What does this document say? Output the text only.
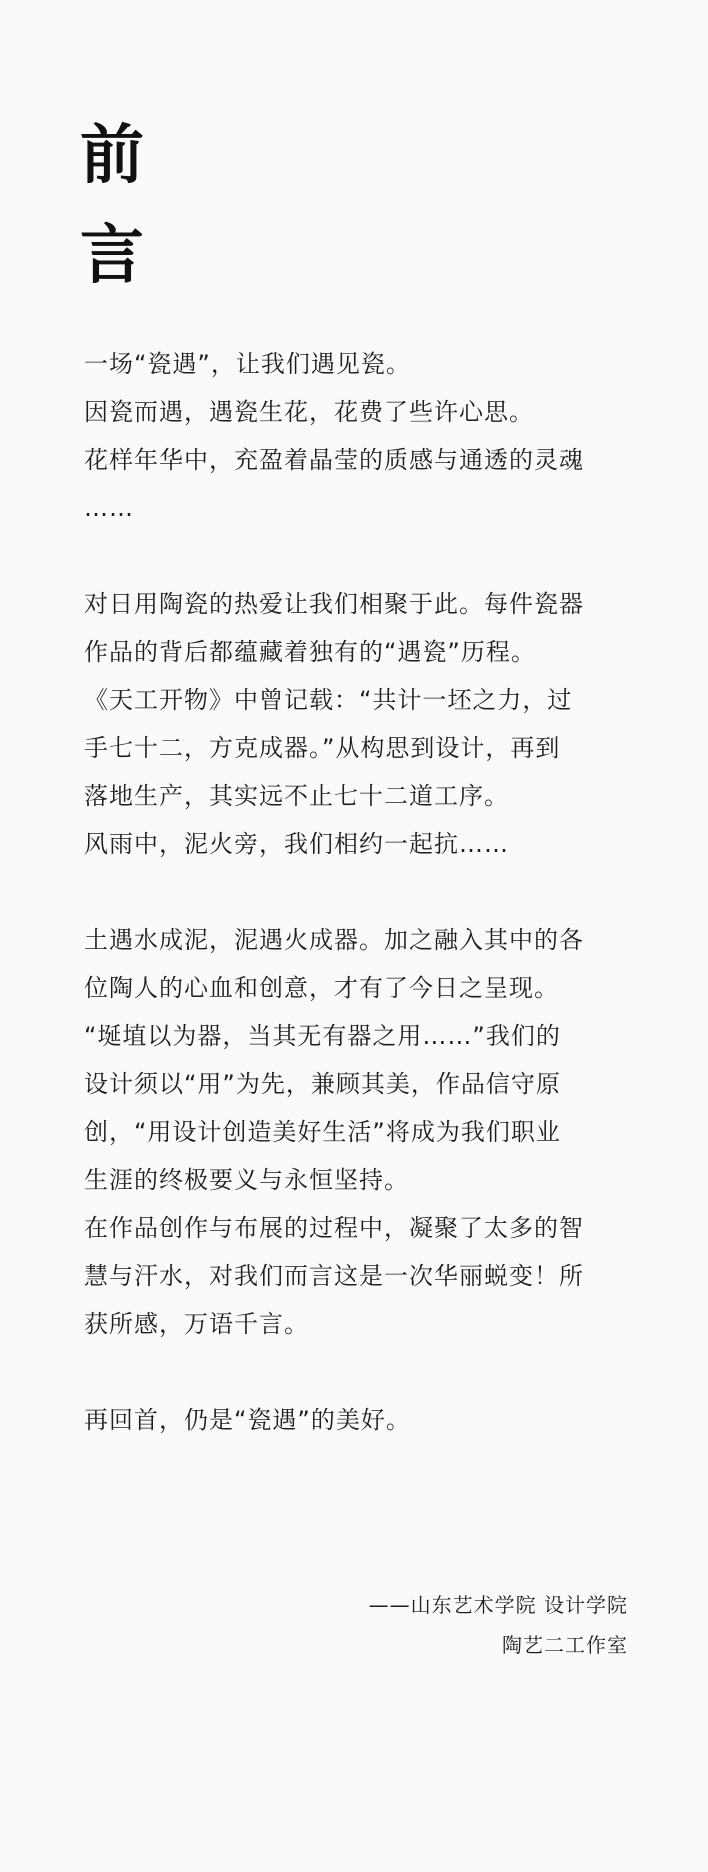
前
言

一场“瓷遇”，让我们遇见瓷。
因瓷而遇，遇瓷生花，花费了些许心思。
花样年华中，充盈着晶莹的质感与通透的灵魂
……

对日用陶瓷的热爱让我们相聚于此。每件瓷器
作品的背后都蕴藏着独有的“遇瓷”历程。
《天工开物》中曾记载：“共计一坯之力，过
手七十二，方克成器。”从构思到设计，再到
落地生产，其实远不止七十二道工序。
风雨中，泥火旁，我们相约一起抗……

土遇水成泥，泥遇火成器。加之融入其中的各
位陶人的心血和创意，才有了今日之呈现。
“埏埴以为器，当其无有器之用……”我们的
设计须以“用”为先，兼顾其美，作品信守原
创，“用设计创造美好生活”将成为我们职业
生涯的终极要义与永恒坚持。
在作品创作与布展的过程中，凝聚了太多的智
慧与汗水，对我们而言这是一次华丽蜕变！所
获所感，万语千言。

再回首，仍是“瓷遇”的美好。

——山东艺术学院 设计学院
陶艺二工作室
